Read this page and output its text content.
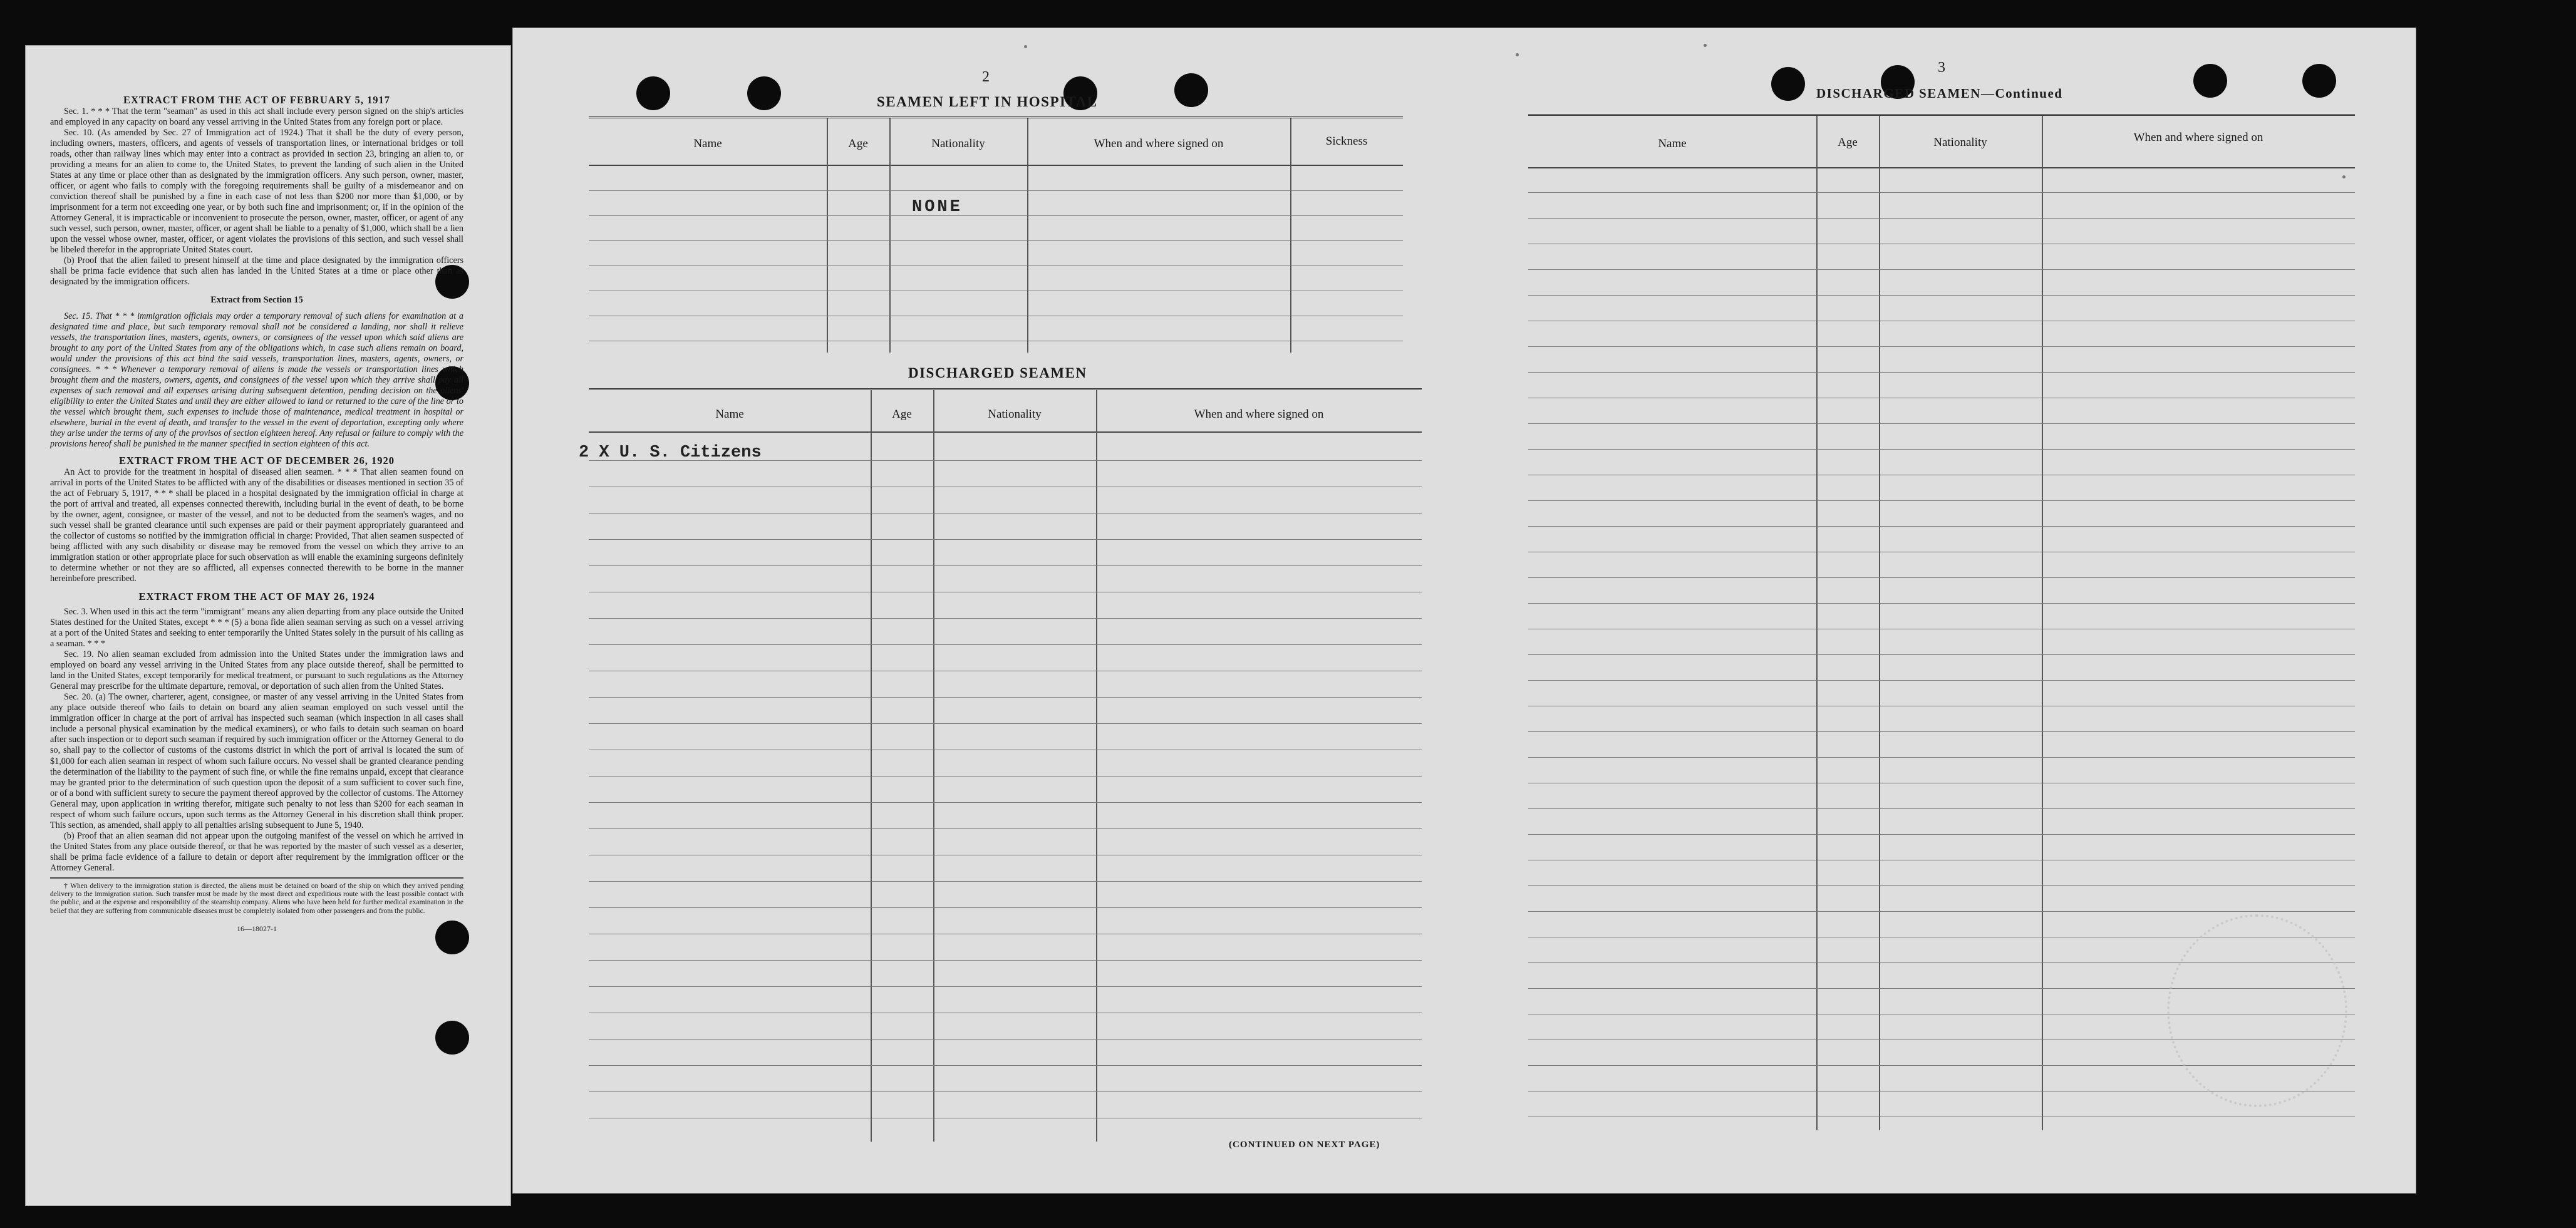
EXTRACT FROM THE ACT OF FEBRUARY 5, 1917

Sec. 1. * * * That the term "seaman" as used in this act shall include every person signed on the ship's articles and employed in any capacity on board any vessel arriving in the United States from any foreign port or place.

Sec. 10. (As amended by Sec. 27 of Immigration act of 1924.) That it shall be the duty of every person, including owners, masters, officers, and agents of vessels of transportation lines, or international bridges or toll roads, other than railway lines which may enter into a contract as provided in section 23, bringing an alien to, or providing a means for an alien to come to, the United States, to prevent the landing of such alien in the United States at any time or place other than as designated by the immigration officers. Any such person, owner, master, officer, or agent who fails to comply with the foregoing requirements shall be guilty of a misdemeanor and on conviction thereof shall be punished by a fine in each case of not less than $200 nor more than $1,000, or by imprisonment for a term not exceeding one year, or by both such fine and imprisonment; or, if in the opinion of the Attorney General, it is impracticable or inconvenient to prosecute the person, owner, master, officer, or agent of any such vessel, such person, owner, master, officer, or agent shall be liable to a penalty of $1,000, which shall be a lien upon the vessel whose owner, master, officer, or agent violates the provisions of this section, and such vessel shall be libeled therefor in the appropriate United States court.

(b) Proof that the alien failed to present himself at the time and place designated by the immigration officers shall be prima facie evidence that such alien has landed in the United States at a time or place other than as designated by the immigration officers.

Extract from Section 15

Sec. 15. That * * * immigration officials may order a temporary removal of such aliens for examination at a designated time and place, but such temporary removal shall not be considered a landing, nor shall it relieve vessels, the transportation lines, masters, agents, owners, or consignees of the vessel upon which said aliens are brought to any port of the United States from any of the obligations which, in case such aliens remain on board, would under the provisions of this act bind the said vessels, transportation lines, masters, agents, owners, or consignees. * * * Whenever a temporary removal of aliens is made the vessels or transportation lines which brought them and the masters, owners, agents, and consignees of the vessel upon which they arrive shall pay all expenses of such removal and all expenses arising during subsequent detention, pending decision on the aliens' eligibility to enter the United States and until they are either allowed to land or returned to the care of the line or to the vessel which brought them, such expenses to include those of maintenance, medical treatment in hospital or elsewhere, burial in the event of death, and transfer to the vessel in the event of deportation, excepting only where they arise under the terms of any of the provisos of section eighteen hereof. Any refusal or failure to comply with the provisions hereof shall be punished in the manner specified in section eighteen of this act.

EXTRACT FROM THE ACT OF DECEMBER 26, 1920

An Act to provide for the treatment in hospital of diseased alien seamen. * * * That alien seamen found on arrival in ports of the United States to be afflicted with any of the disabilities or diseases mentioned in section 35 of the act of February 5, 1917, * * * shall be placed in a hospital designated by the immigration official in charge at the port of arrival and treated, all expenses connected therewith, including burial in the event of death, to be borne by the owner, agent, consignee, or master of the vessel, and not to be deducted from the seamen's wages, and no such vessel shall be granted clearance until such expenses are paid or their payment appropriately guaranteed and the collector of customs so notified by the immigration official in charge: Provided, That alien seamen suspected of being afflicted with any such disability or disease may be removed from the vessel on which they arrive to an immigration station or other appropriate place for such observation as will enable the examining surgeons definitely to determine whether or not they are so afflicted, all expenses connected therewith to be borne in the manner hereinbefore prescribed.

EXTRACT FROM THE ACT OF MAY 26, 1924

Sec. 3. When used in this act the term "immigrant" means any alien departing from any place outside the United States destined for the United States, except * * * (5) a bona fide alien seaman serving as such on a vessel arriving at a port of the United States and seeking to enter temporarily the United States solely in the pursuit of his calling as a seaman. * * *

Sec. 19. No alien seaman excluded from admission into the United States under the immigration laws and employed on board any vessel arriving in the United States from any place outside thereof, shall be permitted to land in the United States, except temporarily for medical treatment, or pursuant to such regulations as the Attorney General may prescribe for the ultimate departure, removal, or deportation of such alien from the United States.

Sec. 20. (a) The owner, charterer, agent, consignee, or master of any vessel arriving in the United States from any place outside thereof who fails to detain on board any alien seaman employed on such vessel until the immigration officer in charge at the port of arrival has inspected such seaman (which inspection in all cases shall include a personal physical examination by the medical examiners), or who fails to detain such seaman on board after such inspection or to deport such seaman if required by such immigration officer or the Attorney General to do so, shall pay to the collector of customs of the customs district in which the port of arrival is located the sum of $1,000 for each alien seaman in respect of whom such failure occurs. No vessel shall be granted clearance pending the determination of the liability to the payment of such fine, or while the fine remains unpaid, except that clearance may be granted prior to the determination of such question upon the deposit of a sum sufficient to cover such fine, or of a bond with sufficient surety to secure the payment thereof approved by the collector of customs. The Attorney General may, upon application in writing therefor, mitigate such penalty to not less than $200 for each seaman in respect of whom such failure occurs, upon such terms as the Attorney General in his discretion shall think proper. This section, as amended, shall apply to all penalties arising subsequent to June 5, 1940.

(b) Proof that an alien seaman did not appear upon the outgoing manifest of the vessel on which he arrived in the United States from any place outside thereof, or that he was reported by the master of such vessel as a deserter, shall be prima facie evidence of a failure to detain or deport after requirement by the immigration officer or the Attorney General.

† When delivery to the immigration station is directed, the aliens must be detained on board of the ship on which they arrived pending delivery to the immigration station. Such transfer must be made by the most direct and expeditious route with the least possible contact with the public, and at the expense and responsibility of the steamship company. Aliens who have been held for further medical examination in the belief that they are suffering from communicable diseases must be completely isolated from other passengers and from the public.

16—18027-1
2
SEAMEN LEFT IN HOSPITAL
Name	Age	Nationality	When and where signed on	Sickness
NONE
DISCHARGED SEAMEN
Name	Age	Nationality	When and where signed on
2 X U. S. Citizens
(CONTINUED ON NEXT PAGE)
3
DISCHARGED SEAMEN—Continued
Name	Age	Nationality	When and where signed on
